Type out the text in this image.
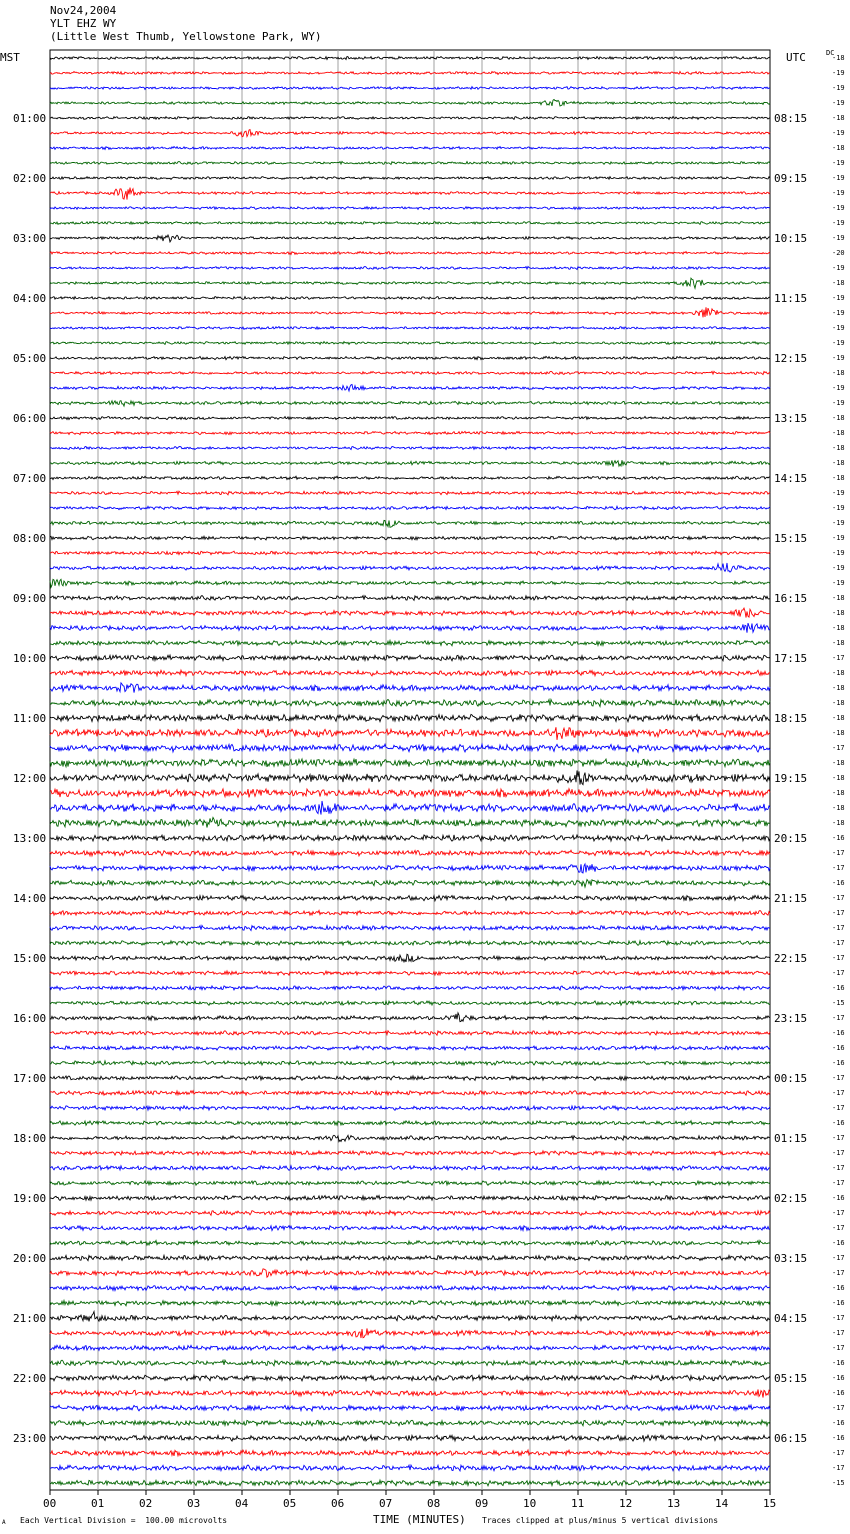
Nov24,2004
YLT EHZ WY
(Little West Thumb, Yellowstone Park, WY)
MST	UTC	DC
01:00
02:00
03:00
04:00
05:00
06:00
07:00
08:00
09:00
10:00
11:00
12:00
13:00
14:00
15:00
16:00
17:00
18:00
19:00
20:00
21:00
22:00
23:00
08:15
09:15
10:15
11:15
12:15
13:15
14:15
15:15
16:15
17:15
18:15
19:15
20:15
21:15
22:15
23:15
00:15
01:15
02:15
03:15
04:15
05:15
06:15
-18
-19
-19
-19
-18
-19
-18
-19
-19
-19
-19
-19
-19
-20
-19
-18
-19
-19
-19
-19
-19
-18
-19
-19
-18
-18
-18
-18
-18
-19
-19
-19
-19
-19
-19
-19
-18
-18
-18
-18
-17
-18
-18
-18
-18
-18
-17
-18
-18
-18
-18
-18
-16
-17
-17
-16
-17
-17
-17
-17
-17
-17
-16
-15
-17
-16
-16
-16
-17
-17
-17
-16
-17
-17
-17
-17
-16
-17
-17
-16
-17
-17
-16
-16
-17
-17
-17
-16
-16
-16
-17
-16
-16
-17
-17
-15
00	01	02	03	04	05	06	07	08	09	10	11	12	13	14	15
TIME (MINUTES)
A Each Vertical Division =  100.00 microvolts	Traces clipped at plus/minus 5 vertical divisions
